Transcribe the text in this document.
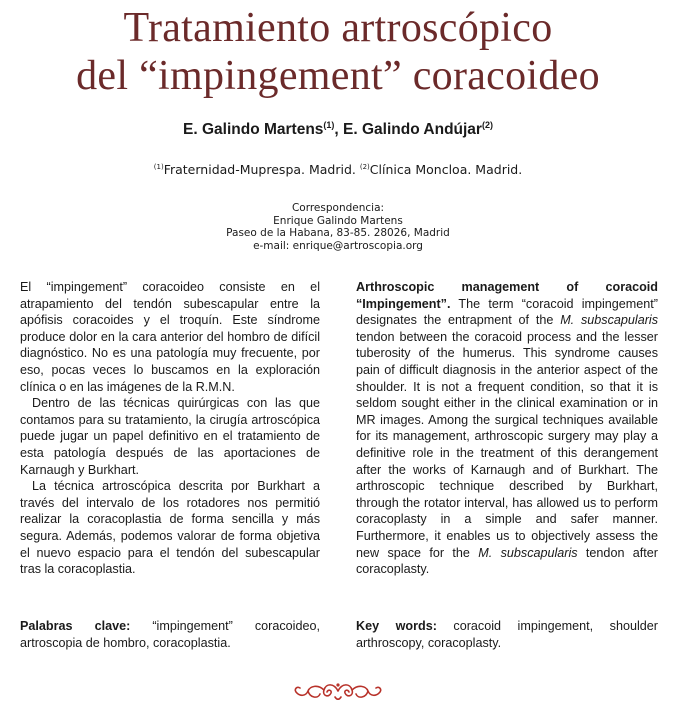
Tratamiento artroscópico
del “impingement” coracoideo
E. Galindo Martens$^{(1)}$, E. Galindo Andújar$^{(2)}$
$^{(1)}$Fraternidad-Muprespa. Madrid. $^{(2)}$Clínica Moncloa. Madrid.
Correspondencia:
Enrique Galindo Martens
Paseo de la Habana, 83-85. 28026, Madrid
e-mail: enrique@artroscopia.org

El “impingement” coracoideo consiste en el atrapamiento del tendón subescapular entre la apófisis coracoides y el troquín. Este síndrome produce dolor en la cara anterior del hombro de difícil diagnóstico. No es una patología muy frecuente, por eso, pocas veces lo buscamos en la exploración clínica o en las imágenes de la R.M.N.

Dentro de las técnicas quirúrgicas con las que contamos para su tratamiento, la cirugía artroscópica puede jugar un papel definitivo en el tratamiento de esta patología después de las aportaciones de Karnaugh y Burkhart.

La técnica artroscópica descrita por Burkhart a través del intervalo de los rotadores nos permitió realizar la coracoplastia de forma sencilla y más segura. Además, podemos valorar de forma objetiva el nuevo espacio para el tendón del subescapular tras la coracoplastia.

Arthroscopic management of coracoid “Impingement”. The term “coracoid impingement” designates the entrapment of the M. subscapularis tendon between the coracoid process and the lesser tuberosity of the humerus. This syndrome causes pain of difficult diagnosis in the anterior aspect of the shoulder. It is not a frequent condition, so that it is seldom sought either in the clinical examination or in MR images. Among the surgical techniques available for its management, arthroscopic surgery may play a definitive role in the treatment of this derangement after the works of Karnaugh and of Burkhart. The arthroscopic technique described by Burkhart, through the rotator interval, has allowed us to perform coracoplasty in a simple and safer manner. Furthermore, it enables us to objectively assess the new space for the M. subscapularis tendon after coracoplasty.

Palabras clave: “impingement” coracoideo, artroscopia de hombro, coracoplastia.
Key words: coracoid impingement, shoulder arthroscopy, coracoplasty.
